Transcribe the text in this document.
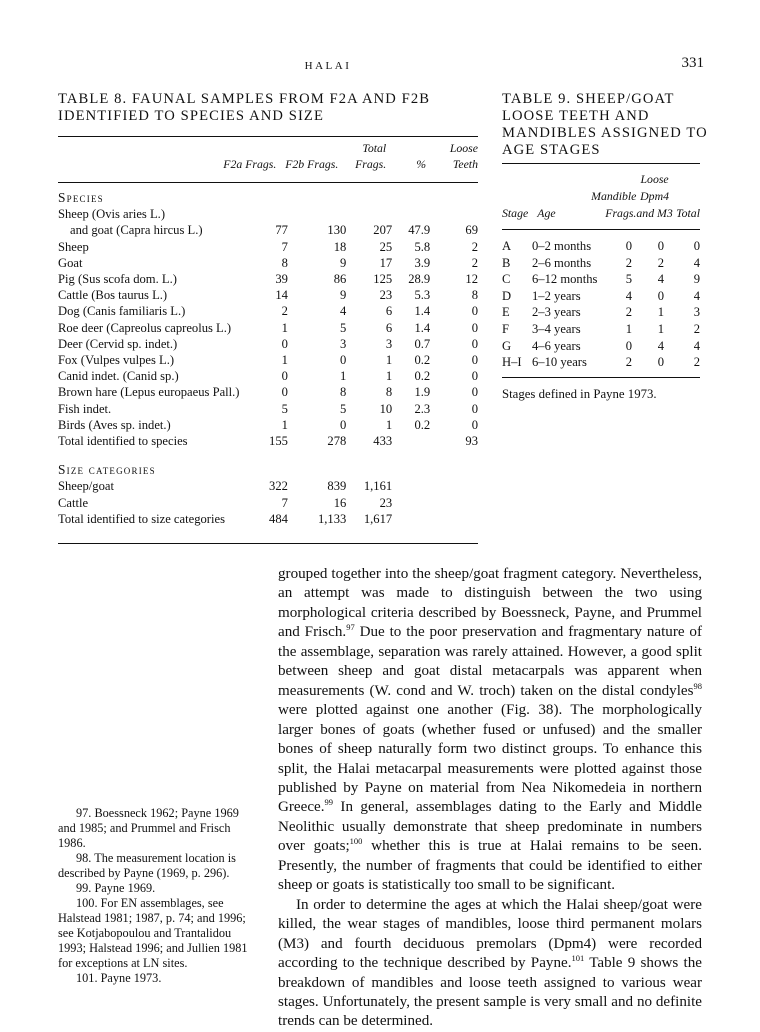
HALAI	331
TABLE 8. FAUNAL SAMPLES FROM F2A AND F2B IDENTIFIED TO SPECIES AND SIZE
			Total		Loose
	F2a Frags.	F2b Frags.	Frags.	%	Teeth
Species					
Sheep (Ovis aries L.)					
and goat (Capra hircus L.)	77	130	207	47.9	69
Sheep	7	18	25	5.8	2
Goat	8	9	17	3.9	2
Pig (Sus scofa dom. L.)	39	86	125	28.9	12
Cattle (Bos taurus L.)	14	9	23	5.3	8
Dog (Canis familiaris L.)	2	4	6	1.4	0
Roe deer (Capreolus capreolus L.)	1	5	6	1.4	0
Deer (Cervid sp. indet.)	0	3	3	0.7	0
Fox (Vulpes vulpes L.)	1	0	1	0.2	0
Canid indet. (Canid sp.)	0	1	1	0.2	0
Brown hare (Lepus europaeus Pall.)	0	8	8	1.9	0
Fish indet.	5	5	10	2.3	0
Birds (Aves sp. indet.)	1	0	1	0.2	0
Total identified to species	155	278	433		93

Size categories					
Sheep/goat	322	839	1,161		
Cattle	7	16	23		
Total identified to size categories	484	1,133	1,617		
TABLE 9. SHEEP/GOAT LOOSE TEETH AND MANDIBLES ASSIGNED TO AGE STAGES
			Loose	
		Mandible	Dpm4	
Stage	Age	Frags.	and M3	Total
A	0–2 months	0	0	0
B	2–6 months	2	2	4
C	6–12 months	5	4	9
D	1–2 years	4	0	4
E	2–3 years	2	1	3
F	3–4 years	1	1	2
G	4–6 years	0	4	4
H–I	6–10 years	2	0	2
Stages defined in Payne 1973.
97. Boessneck 1962; Payne 1969 and 1985; and Prummel and Frisch 1986.
98. The measurement location is described by Payne (1969, p. 296).
99. Payne 1969.
100. For EN assemblages, see Halstead 1981; 1987, p. 74; and 1996; see Kotjabopoulou and Trantalidou 1993; Halstead 1996; and Jullien 1981 for exceptions at LN sites.
101. Payne 1973.

grouped together into the sheep/goat fragment category. Nevertheless, an attempt was made to distinguish between the two using morphological criteria described by Boessneck, Payne, and Prummel and Frisch.$^{97}$ Due to the poor preservation and fragmentary nature of the assemblage, separation was rarely attained. However, a good split between sheep and goat distal metacarpals was apparent when measurements (W. cond and W. troch) taken on the distal condyles$^{98}$ were plotted against one another (Fig. 38). The morphologically larger bones of goats (whether fused or unfused) and the smaller bones of sheep naturally form two distinct groups. To enhance this split, the Halai metacarpal measurements were plotted against those published by Payne on material from Nea Nikomedeia in northern Greece.$^{99}$ In general, assemblages dating to the Early and Middle Neolithic usually demonstrate that sheep predominate in numbers over goats;$^{100}$ whether this is true at Halai remains to be seen. Presently, the number of fragments that could be identified to either sheep or goats is statistically too small to be significant.

In order to determine the ages at which the Halai sheep/goat were killed, the wear stages of mandibles, loose third permanent molars (M3) and fourth deciduous premolars (Dpm4) were recorded according to the technique described by Payne.$^{101}$ Table 9 shows the breakdown of mandibles and loose teeth assigned to various wear stages. Unfortunately, the present sample is very small and no definite trends can be determined.
